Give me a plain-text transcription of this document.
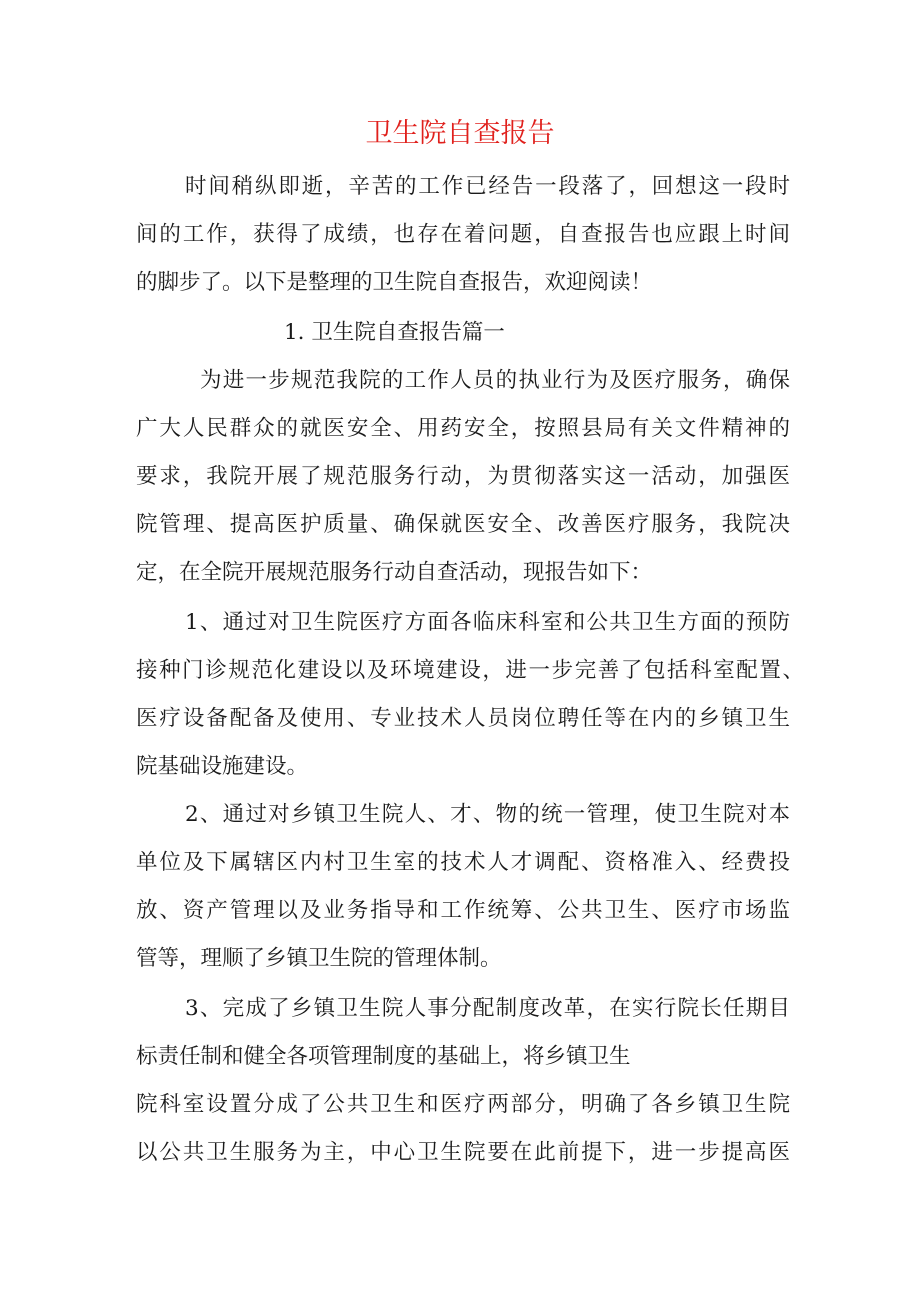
卫生院自查报告
时间稍纵即逝，辛苦的工作已经告一段落了，回想这一段时
间的工作，获得了成绩，也存在着问题，自查报告也应跟上时间
的脚步了。以下是整理的卫生院自查报告，欢迎阅读！
1. 卫生院自查报告篇一
为进一步规范我院的工作人员的执业行为及医疗服务，确保
广大人民群众的就医安全、用药安全，按照县局有关文件精神的
要求，我院开展了规范服务行动，为贯彻落实这一活动，加强医
院管理、提高医护质量、确保就医安全、改善医疗服务，我院决
定，在全院开展规范服务行动自查活动，现报告如下：
1、通过对卫生院医疗方面各临床科室和公共卫生方面的预防
接种门诊规范化建设以及环境建设，进一步完善了包括科室配置、
医疗设备配备及使用、专业技术人员岗位聘任等在内的乡镇卫生
院基础设施建设。
2、通过对乡镇卫生院人、才、物的统一管理，使卫生院对本
单位及下属辖区内村卫生室的技术人才调配、资格准入、经费投
放、资产管理以及业务指导和工作统筹、公共卫生、医疗市场监
管等，理顺了乡镇卫生院的管理体制。
3、完成了乡镇卫生院人事分配制度改革，在实行院长任期目
标责任制和健全各项管理制度的基础上，将乡镇卫生
院科室设置分成了公共卫生和医疗两部分，明确了各乡镇卫生院
以公共卫生服务为主，中心卫生院要在此前提下，进一步提高医
